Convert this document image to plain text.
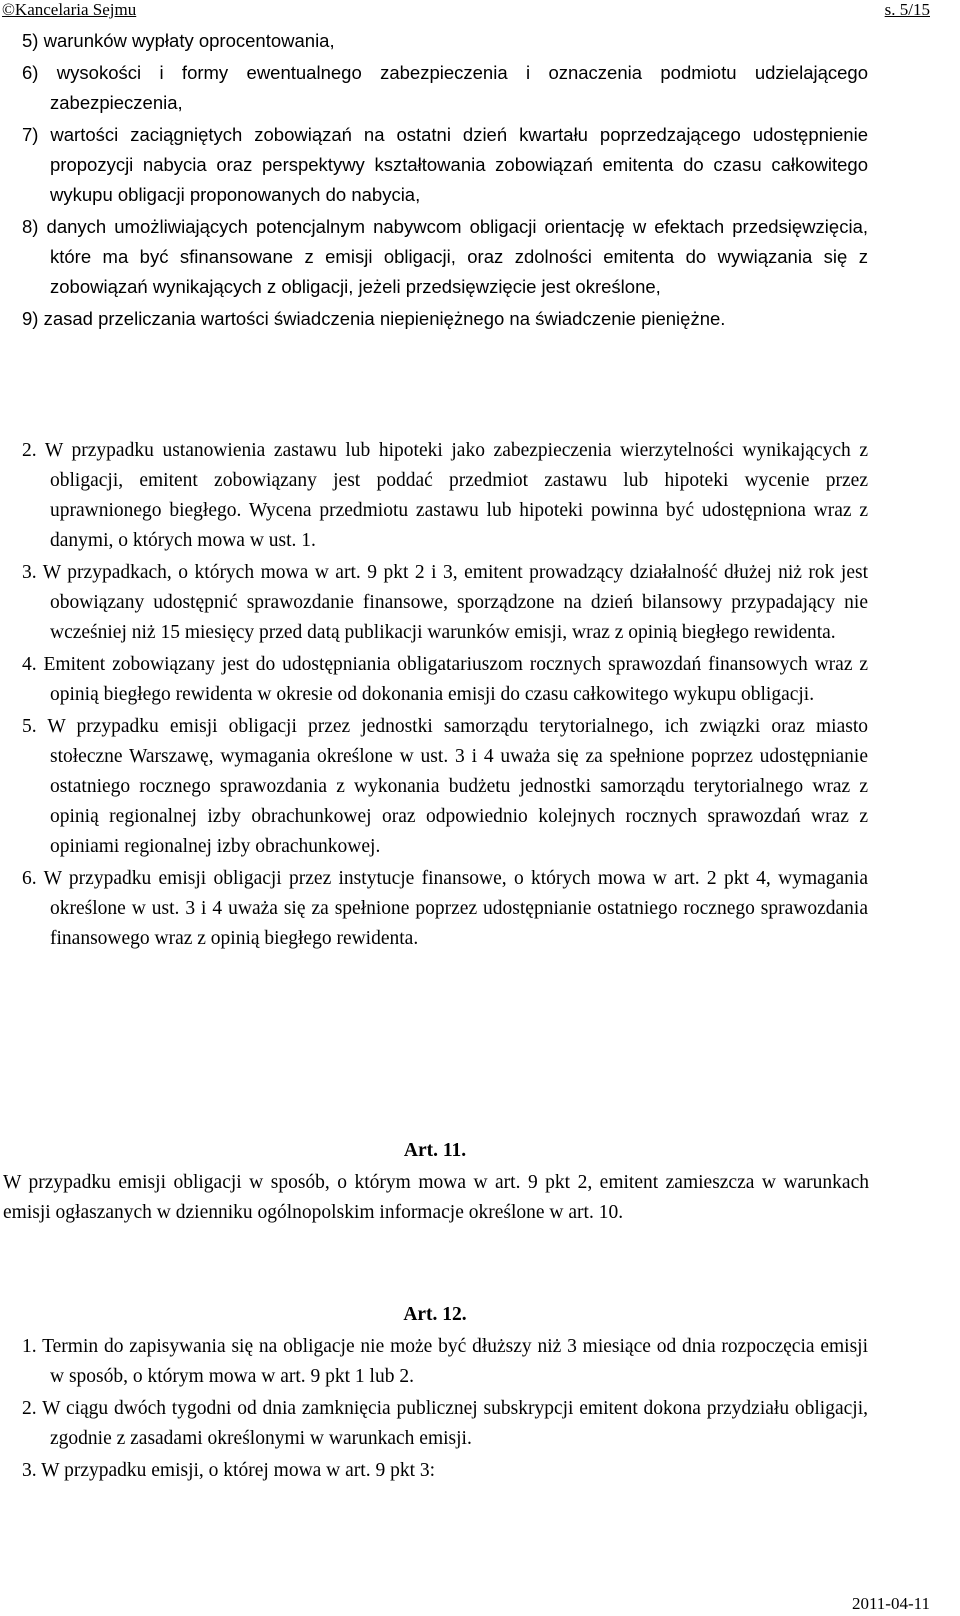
©Kancelaria Sejmu	s. 5/15

5) warunków wypłaty oprocentowania,

6) wysokości i formy ewentualnego zabezpieczenia i oznaczenia podmiotu udzielającego zabezpieczenia,

7) wartości zaciągniętych zobowiązań na ostatni dzień kwartału poprzedzającego udostępnienie propozycji nabycia oraz perspektywy kształtowania zobowiązań emitenta do czasu całkowitego wykupu obligacji proponowanych do nabycia,

8) danych umożliwiających potencjalnym nabywcom obligacji orientację w efektach przedsięwzięcia, które ma być sfinansowane z emisji obligacji, oraz zdolności emitenta do wywiązania się z zobowiązań wynikających z obligacji, jeżeli przedsięwzięcie jest określone,

9) zasad przeliczania wartości świadczenia niepieniężnego na świadczenie pieniężne.

2. W przypadku ustanowienia zastawu lub hipoteki jako zabezpieczenia wierzytelności wynikających z obligacji, emitent zobowiązany jest poddać przedmiot zastawu lub hipoteki wycenie przez uprawnionego biegłego. Wycena przedmiotu zastawu lub hipoteki powinna być udostępniona wraz z danymi, o których mowa w ust. 1.

3. W przypadkach, o których mowa w art. 9 pkt 2 i 3, emitent prowadzący działalność dłużej niż rok jest obowiązany udostępnić sprawozdanie finansowe, sporządzone na dzień bilansowy przypadający nie wcześniej niż 15 miesięcy przed datą publikacji warunków emisji, wraz z opinią biegłego rewidenta.

4. Emitent zobowiązany jest do udostępniania obligatariuszom rocznych sprawozdań finansowych wraz z opinią biegłego rewidenta w okresie od dokonania emisji do czasu całkowitego wykupu obligacji.

5. W przypadku emisji obligacji przez jednostki samorządu terytorialnego, ich związki oraz miasto stołeczne Warszawę, wymagania określone w ust. 3 i 4 uważa się za spełnione poprzez udostępnianie ostatniego rocznego sprawozdania z wykonania budżetu jednostki samorządu terytorialnego wraz z opinią regionalnej izby obrachunkowej oraz odpowiednio kolejnych rocznych sprawozdań wraz z opiniami regionalnej izby obrachunkowej.

6. W przypadku emisji obligacji przez instytucje finansowe, o których mowa w art. 2 pkt 4, wymagania określone w ust. 3 i 4 uważa się za spełnione poprzez udostępnianie ostatniego rocznego sprawozdania finansowego wraz z opinią biegłego rewidenta.

Art. 11.

W przypadku emisji obligacji w sposób, o którym mowa w art. 9 pkt 2, emitent zamieszcza w warunkach emisji ogłaszanych w dzienniku ogólnopolskim informacje określone w art. 10.

Art. 12.

1. Termin do zapisywania się na obligacje nie może być dłuższy niż 3 miesiące od dnia rozpoczęcia emisji w sposób, o którym mowa w art. 9 pkt 1 lub 2.

2. W ciągu dwóch tygodni od dnia zamknięcia publicznej subskrypcji emitent dokona przydziału obligacji, zgodnie z zasadami określonymi w warunkach emisji.

3. W przypadku emisji, o której mowa w art. 9 pkt 3:

2011-04-11
